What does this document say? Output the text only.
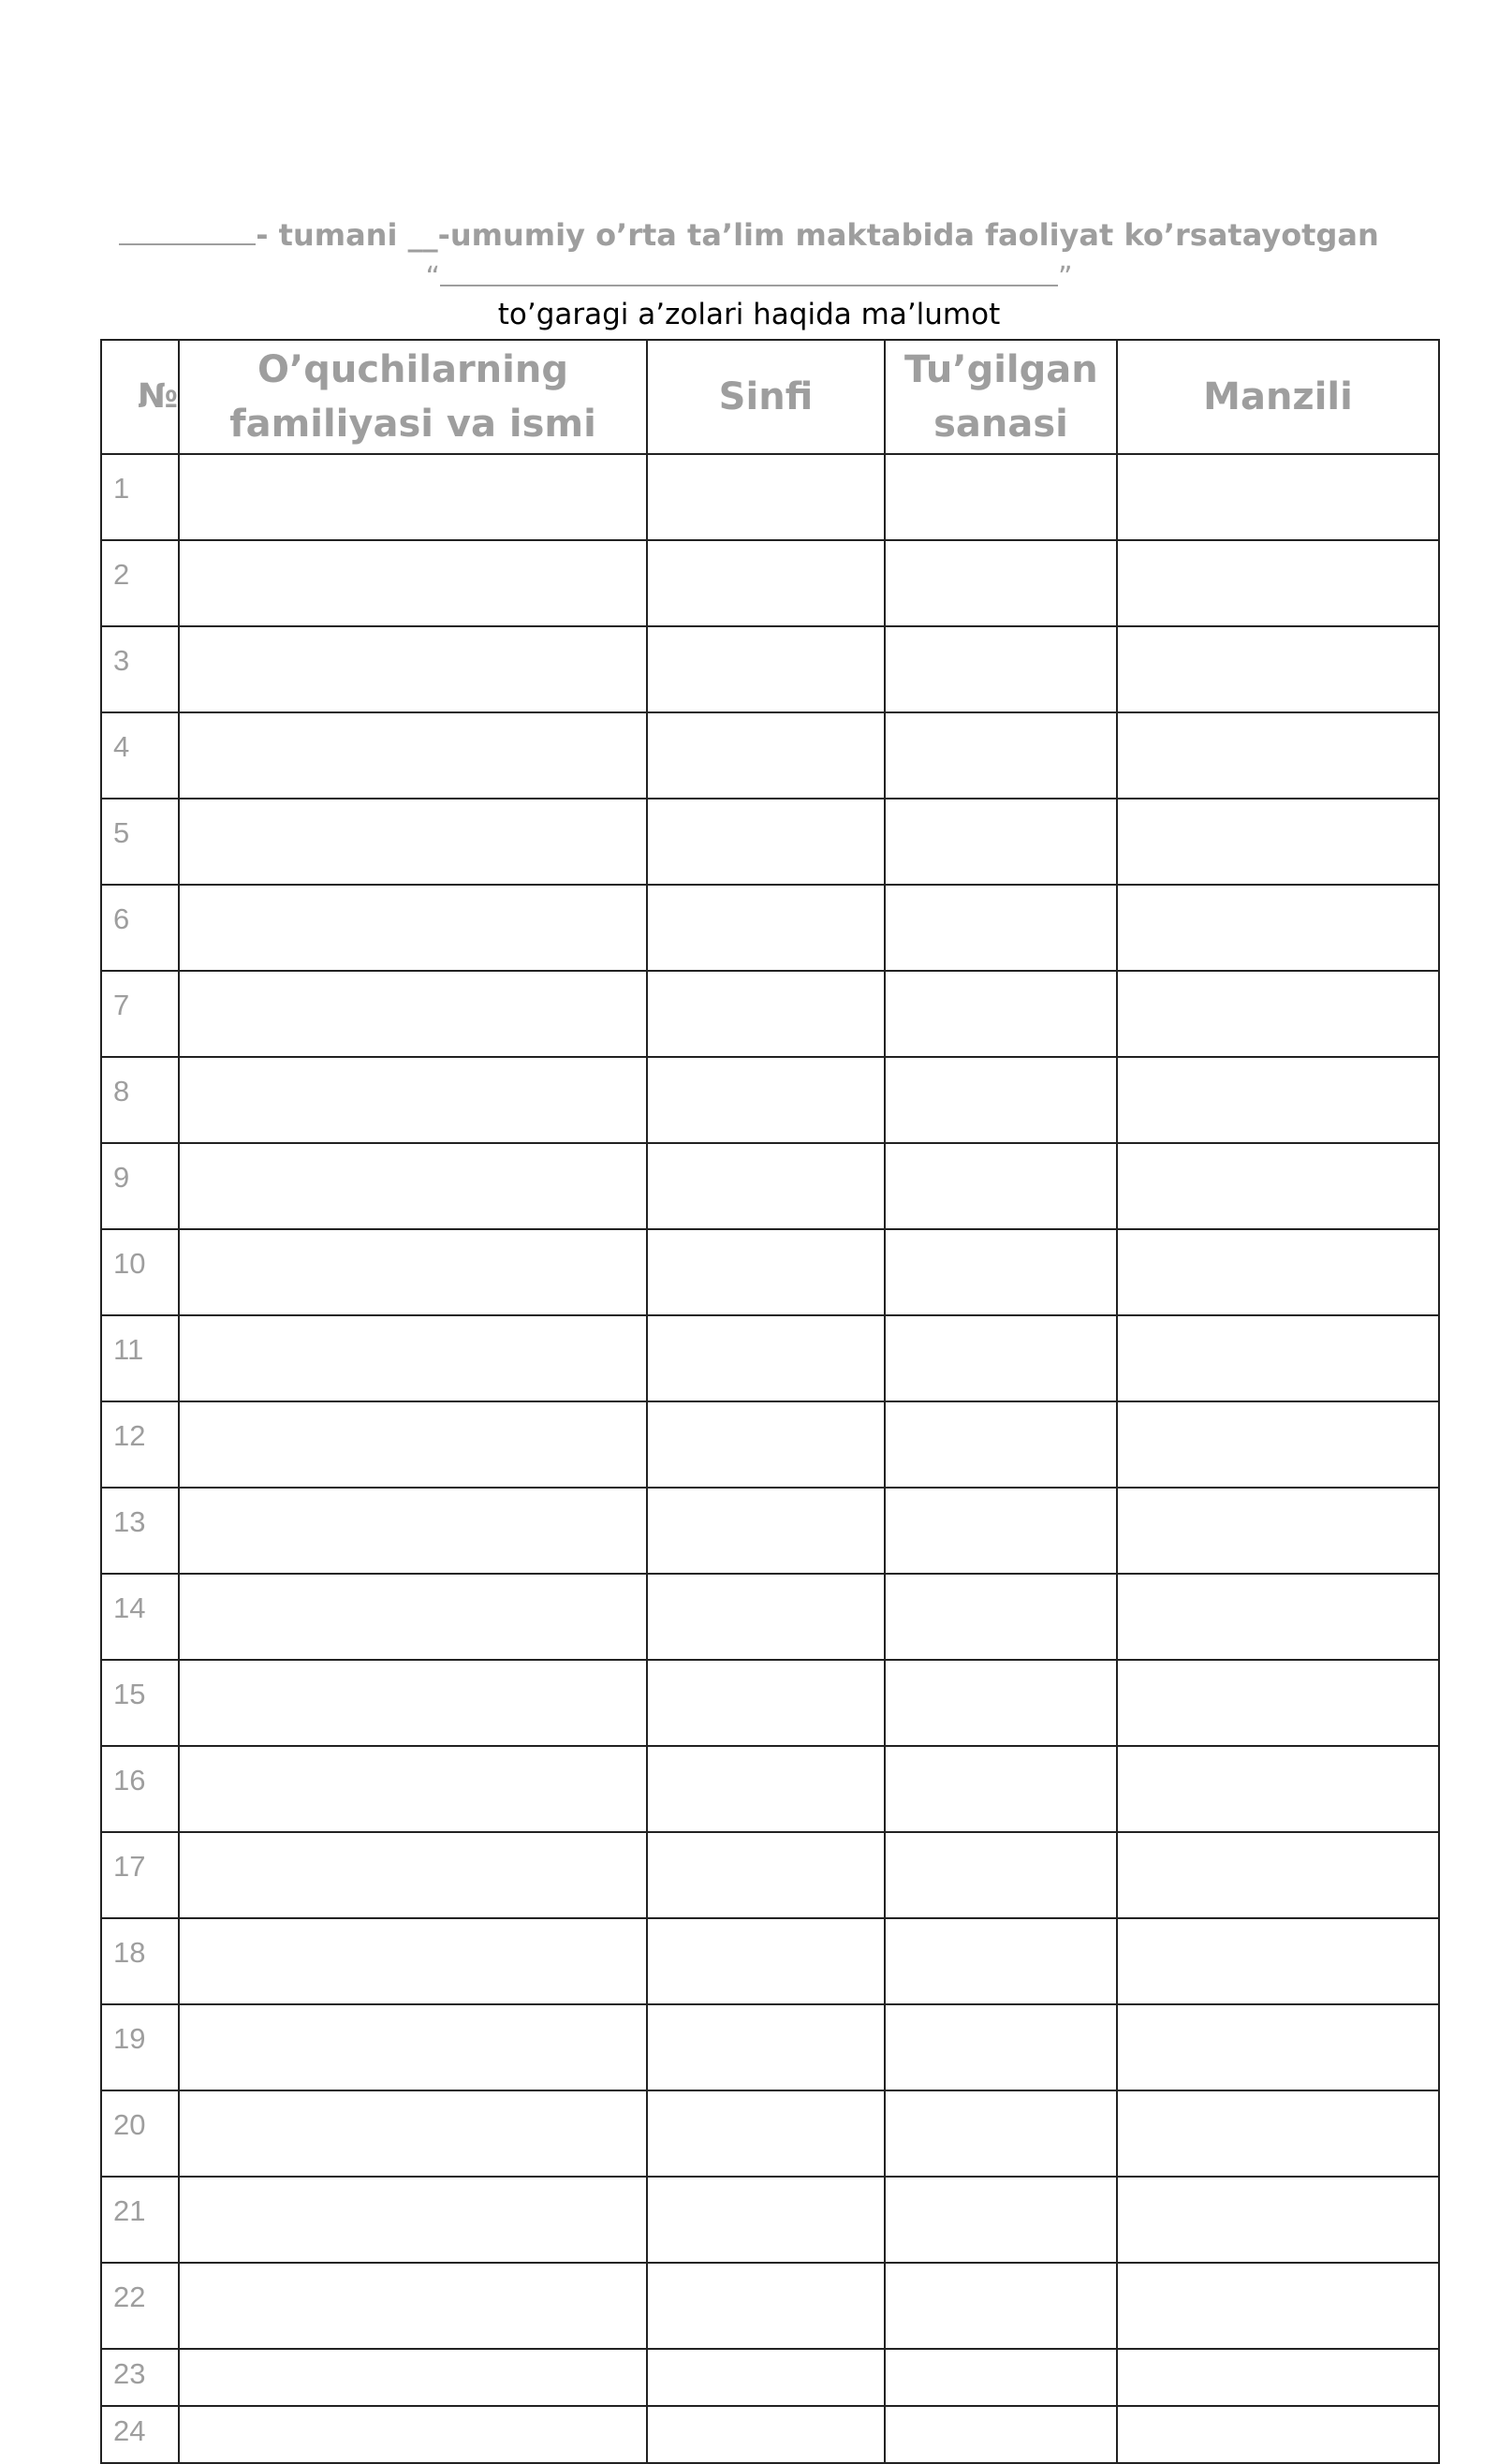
- tumani __-umumiy o’rta ta’lim maktabida faoliyat ko’rsatayotgan
“	”
to’garagi a’zolari haqida ma’lumot
№	O’quchilarning familiyasi va ismi	Sinfi	Tu’gilgan sanasi	Manzili
1				
2				
3				
4				
5				
6				
7				
8				
9				
10				
11				
12				
13				
14				
15				
16				
17				
18				
19				
20				
21				
22				
23				
24				
